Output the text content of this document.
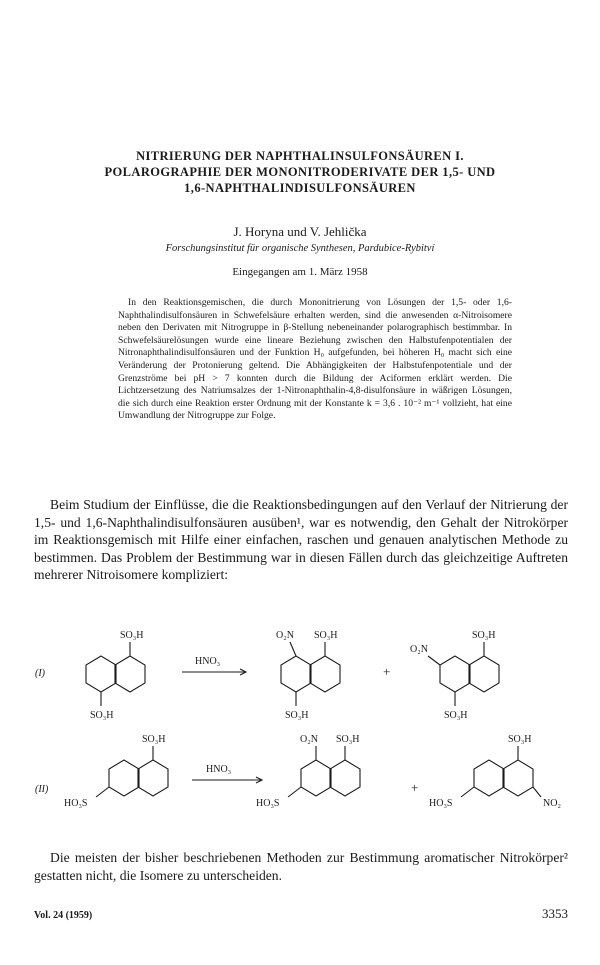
NITRIERUNG DER NAPHTHALINSULFONSÄUREN I.
POLAROGRAPHIE DER MONONITRODERIVATE DER 1,5- UND
1,6-NAPHTHALINDISULFONSÄUREN
J. Horyna und V. Jehlička
Forschungsinstitut für organische Synthesen, Pardubice-Rybitví
Eingegangen am 1. März 1958
In den Reaktionsgemischen, die durch Mononitrierung von Lösungen der 1,5- oder 1,6-Naphthalindisulfonsäuren in Schwefelsäure erhalten werden, sind die anwesenden α-Nitroisomere neben den Derivaten mit Nitrogruppe in β-Stellung nebeneinander polarographisch bestimmbar. In Schwefelsäurelösungen wurde eine lineare Beziehung zwischen den Halbstufenpotentialen der Nitronaphthalindisulfonsäuren und der Funktion H₀ aufgefunden, bei höheren H₀ macht sich eine Veränderung der Protonierung geltend. Die Abhängigkeiten der Halbstufenpotentiale und der Grenzströme bei pH > 7 konnten durch die Bildung der Aciformen erklärt werden. Die Lichtzersetzung des Natriumsalzes der 1-Nitronaphthalin-4,8-disulfonsäure in wäßrigen Lösungen, die sich durch eine Reaktion erster Ordnung mit der Konstante k = 3,6 . 10⁻² m⁻¹ vollzieht, hat eine Umwandlung der Nitrogruppe zur Folge.
Beim Studium der Einflüsse, die die Reaktionsbedingungen auf den Verlauf der Nitrierung der 1,5- und 1,6-Naphthalindisulfonsäuren ausüben¹, war es notwendig, den Gehalt der Nitrokörper im Reaktionsgemisch mit Hilfe einer einfachen, raschen und genauen analytischen Methode zu bestimmen. Das Problem der Bestimmung war in diesen Fällen durch das gleichzeitige Auftreten mehrerer Nitroisomere kompliziert:
SO₃H
SO₃H
(I)
HNO₃
O₂N SO₃H
SO₃H
+
SO₃H
O₂N
SO₃H
SO₃H
HO₃S
(II)
HNO₃
O₂N SO₃H
HO₃S
+
SO₃H
HO₃S	NO₂
Die meisten der bisher beschriebenen Methoden zur Bestimmung aromatischer Nitrokörper² gestatten nicht, die Isomere zu unterscheiden.
Vol. 24 (1959)	3353
